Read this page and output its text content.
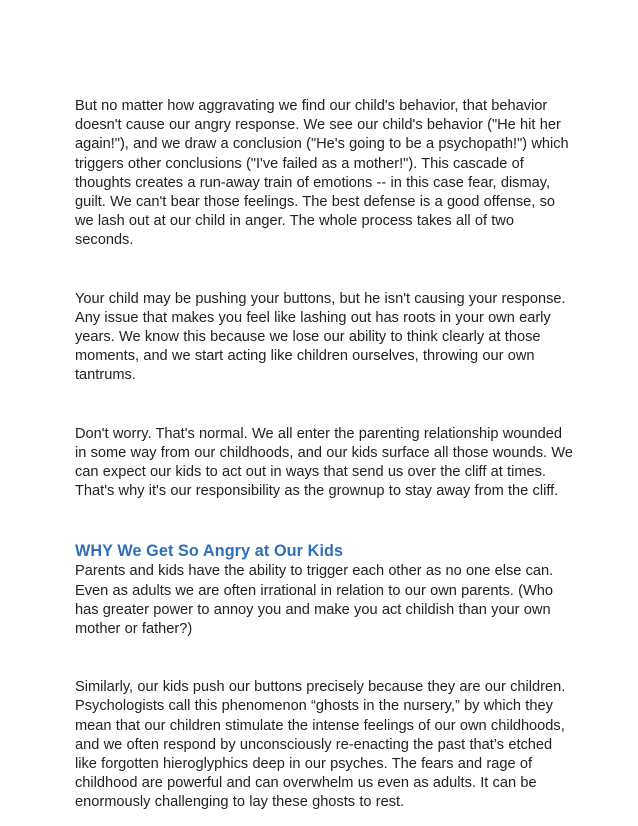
But no matter how aggravating we find our child's behavior, that behavior doesn't cause our angry response. We see our child's behavior ("He hit her again!"), and we draw a conclusion ("He's going to be a psychopath!") which triggers other conclusions ("I've failed as a mother!"). This cascade of thoughts creates a run-away train of emotions -- in this case fear, dismay, guilt. We can't bear those feelings. The best defense is a good offense, so we lash out at our child in anger. The whole process takes all of two seconds.

Your child may be pushing your buttons, but he isn't causing your response. Any issue that makes you feel like lashing out has roots in your own early years. We know this because we lose our ability to think clearly at those moments, and we start acting like children ourselves, throwing our own tantrums.

Don't worry. That's normal. We all enter the parenting relationship wounded in some way from our childhoods, and our kids surface all those wounds. We can expect our kids to act out in ways that send us over the cliff at times. That's why it's our responsibility as the grownup to stay away from the cliff.

WHY We Get So Angry at Our Kids

Parents and kids have the ability to trigger each other as no one else can. Even as adults we are often irrational in relation to our own parents. (Who has greater power to annoy you and make you act childish than your own mother or father?)

Similarly, our kids push our buttons precisely because they are our children. Psychologists call this phenomenon “ghosts in the nursery,” by which they mean that our children stimulate the intense feelings of our own childhoods, and we often respond by unconsciously re-enacting the past that’s etched like forgotten hieroglyphics deep in our psyches. The fears and rage of childhood are powerful and can overwhelm us even as adults. It can be enormously challenging to lay these ghosts to rest.
